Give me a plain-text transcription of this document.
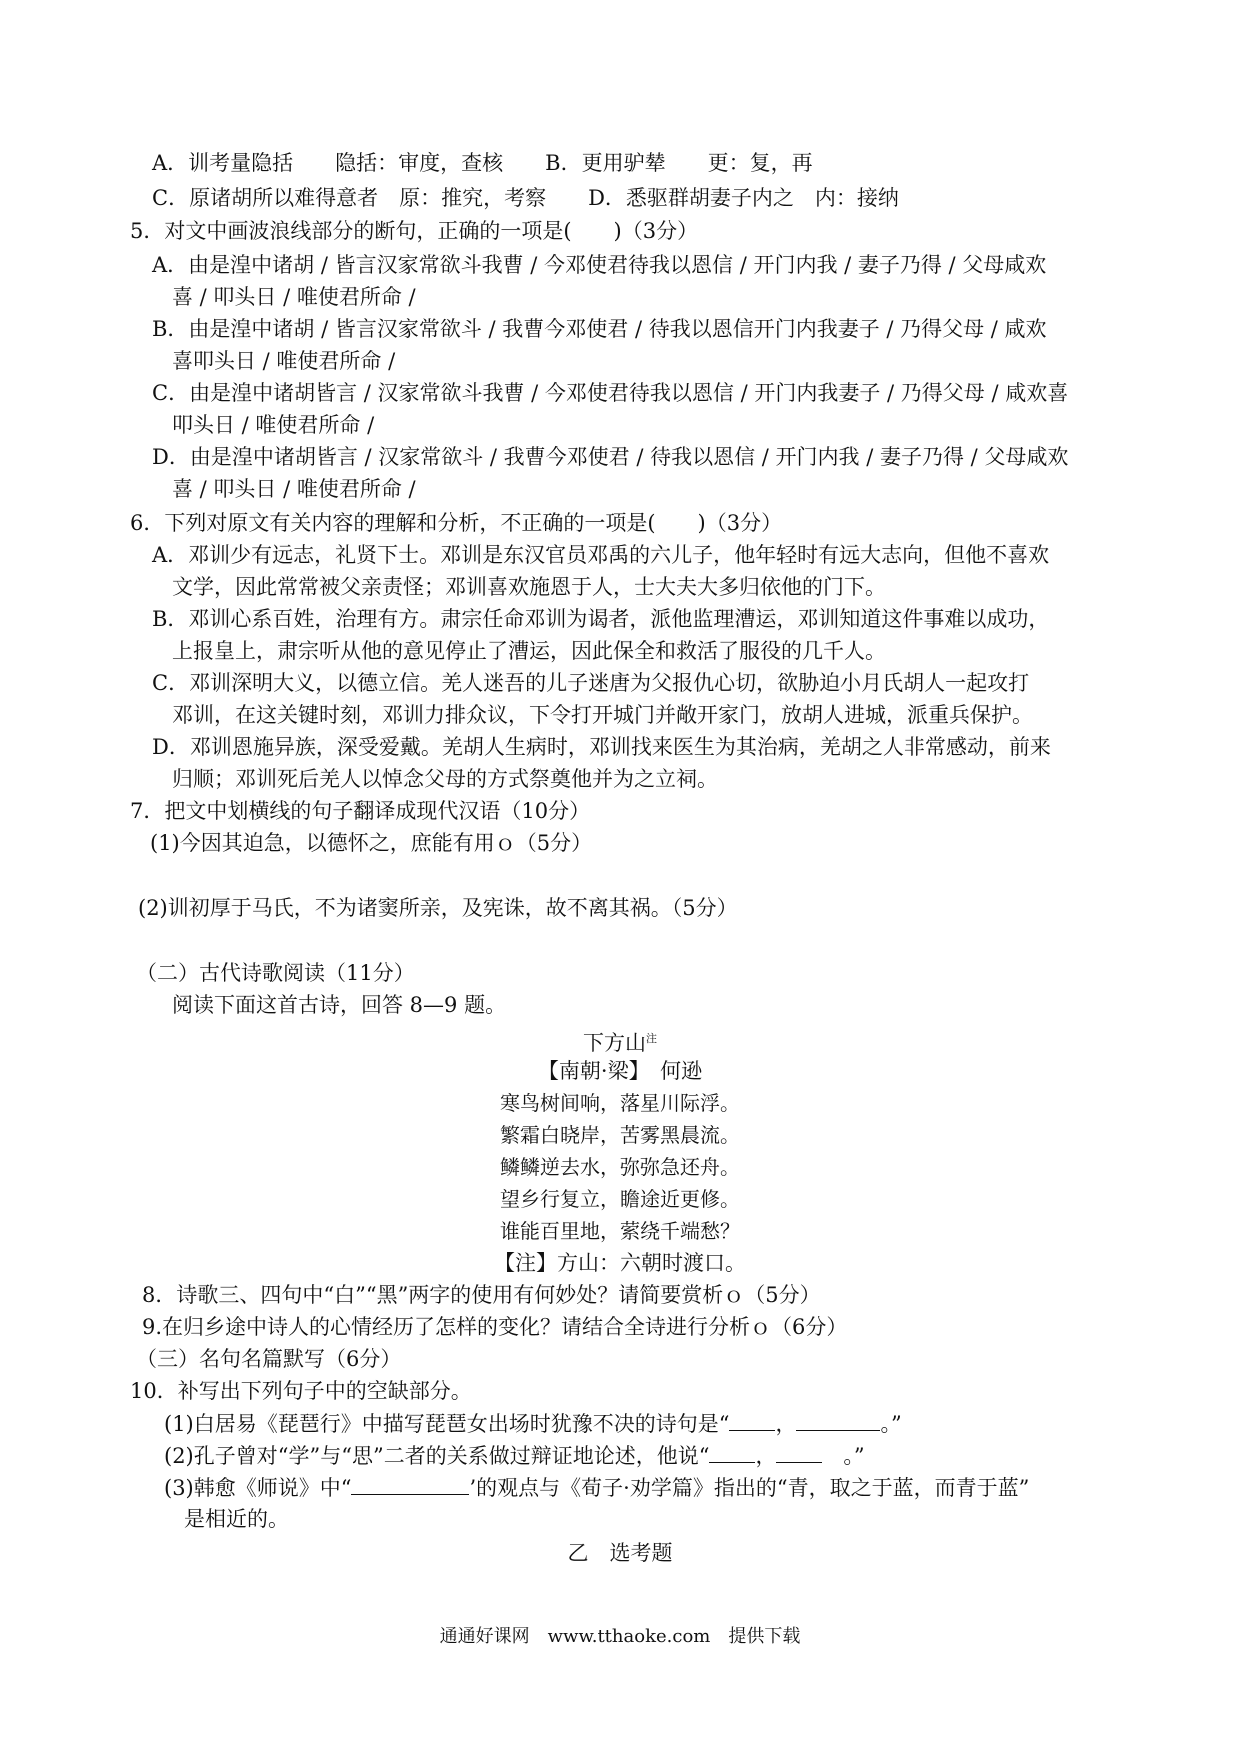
A．训考量隐括　　隐括：审度，查核　　B．更用驴辇　　更：复，再
C．原诸胡所以难得意者　原：推究，考察　　D．悉驱群胡妻子内之　内：接纳
5．对文中画波浪线部分的断句，正确的一项是(　　)（3分）
A．由是湟中诸胡 / 皆言汉家常欲斗我曹 / 今邓使君待我以恩信 / 开门内我 / 妻子乃得 / 父母咸欢
喜 / 叩头日 / 唯使君所命 /
B．由是湟中诸胡 / 皆言汉家常欲斗 / 我曹今邓使君 / 待我以恩信开门内我妻子 / 乃得父母 / 咸欢
喜叩头日 / 唯使君所命 /
C．由是湟中诸胡皆言 / 汉家常欲斗我曹 / 今邓使君待我以恩信 / 开门内我妻子 / 乃得父母 / 咸欢喜
叩头日 / 唯使君所命 /
D．由是湟中诸胡皆言 / 汉家常欲斗 / 我曹今邓使君 / 待我以恩信 / 开门内我 / 妻子乃得 / 父母咸欢
喜 / 叩头日 / 唯使君所命 /
6．下列对原文有关内容的理解和分析，不正确的一项是(　　)（3分）
A．邓训少有远志，礼贤下士。邓训是东汉官员邓禹的六儿子，他年轻时有远大志向，但他不喜欢
文学，因此常常被父亲责怪；邓训喜欢施恩于人，士大夫大多归依他的门下。
B．邓训心系百姓，治理有方。肃宗任命邓训为谒者，派他监理漕运，邓训知道这件事难以成功，
上报皇上，肃宗听从他的意见停止了漕运，因此保全和救活了服役的几千人。
C．邓训深明大义，以德立信。羌人迷吾的儿子迷唐为父报仇心切，欲胁迫小月氏胡人一起攻打
邓训，在这关键时刻，邓训力排众议，下令打开城门并敞开家门，放胡人进城，派重兵保护。
D．邓训恩施异族，深受爱戴。羌胡人生病时，邓训找来医生为其治病，羌胡之人非常感动，前来
归顺；邓训死后羌人以悼念父母的方式祭奠他并为之立祠。
7．把文中划横线的句子翻译成现代汉语（10分）
(1)今因其迫急，以德怀之，庶能有用ｏ（5分）
(2)训初厚于马氏，不为诸窦所亲，及宪诛，故不离其祸。（5分）
（二）古代诗歌阅读（11分）
阅读下面这首古诗，回答 8—9 题。
下方山$^注$
【南朝·梁】　何逊
寒鸟树间响，落星川际浮。
繁霜白晓岸，苦雾黑晨流。
鳞鳞逆去水，弥弥急还舟。
望乡行复立，瞻途近更修。
谁能百里地，萦绕千端愁？
【注】方山：六朝时渡口。
8．诗歌三、四句中“白”“黑”两字的使用有何妙处？请简要赏析ｏ（5分）
9.在归乡途中诗人的心情经历了怎样的变化？请结合全诗进行分析ｏ（6分）
（三）名句名篇默写（6分）
10．补写出下列句子中的空缺部分。
(1)白居易《琵琶行》中描写琵琶女出场时犹豫不决的诗句是“ ，	。”
(2)孔子曾对“学”与“思”二者的关系做过辩证地论述，他说“ ，　。”
(3)韩愈《师说》中“	’的观点与《荀子·劝学篇》指出的“青，取之于蓝，而青于蓝”
是相近的。
乙　选考题
通通好课网　www.tthaoke.com　提供下载
